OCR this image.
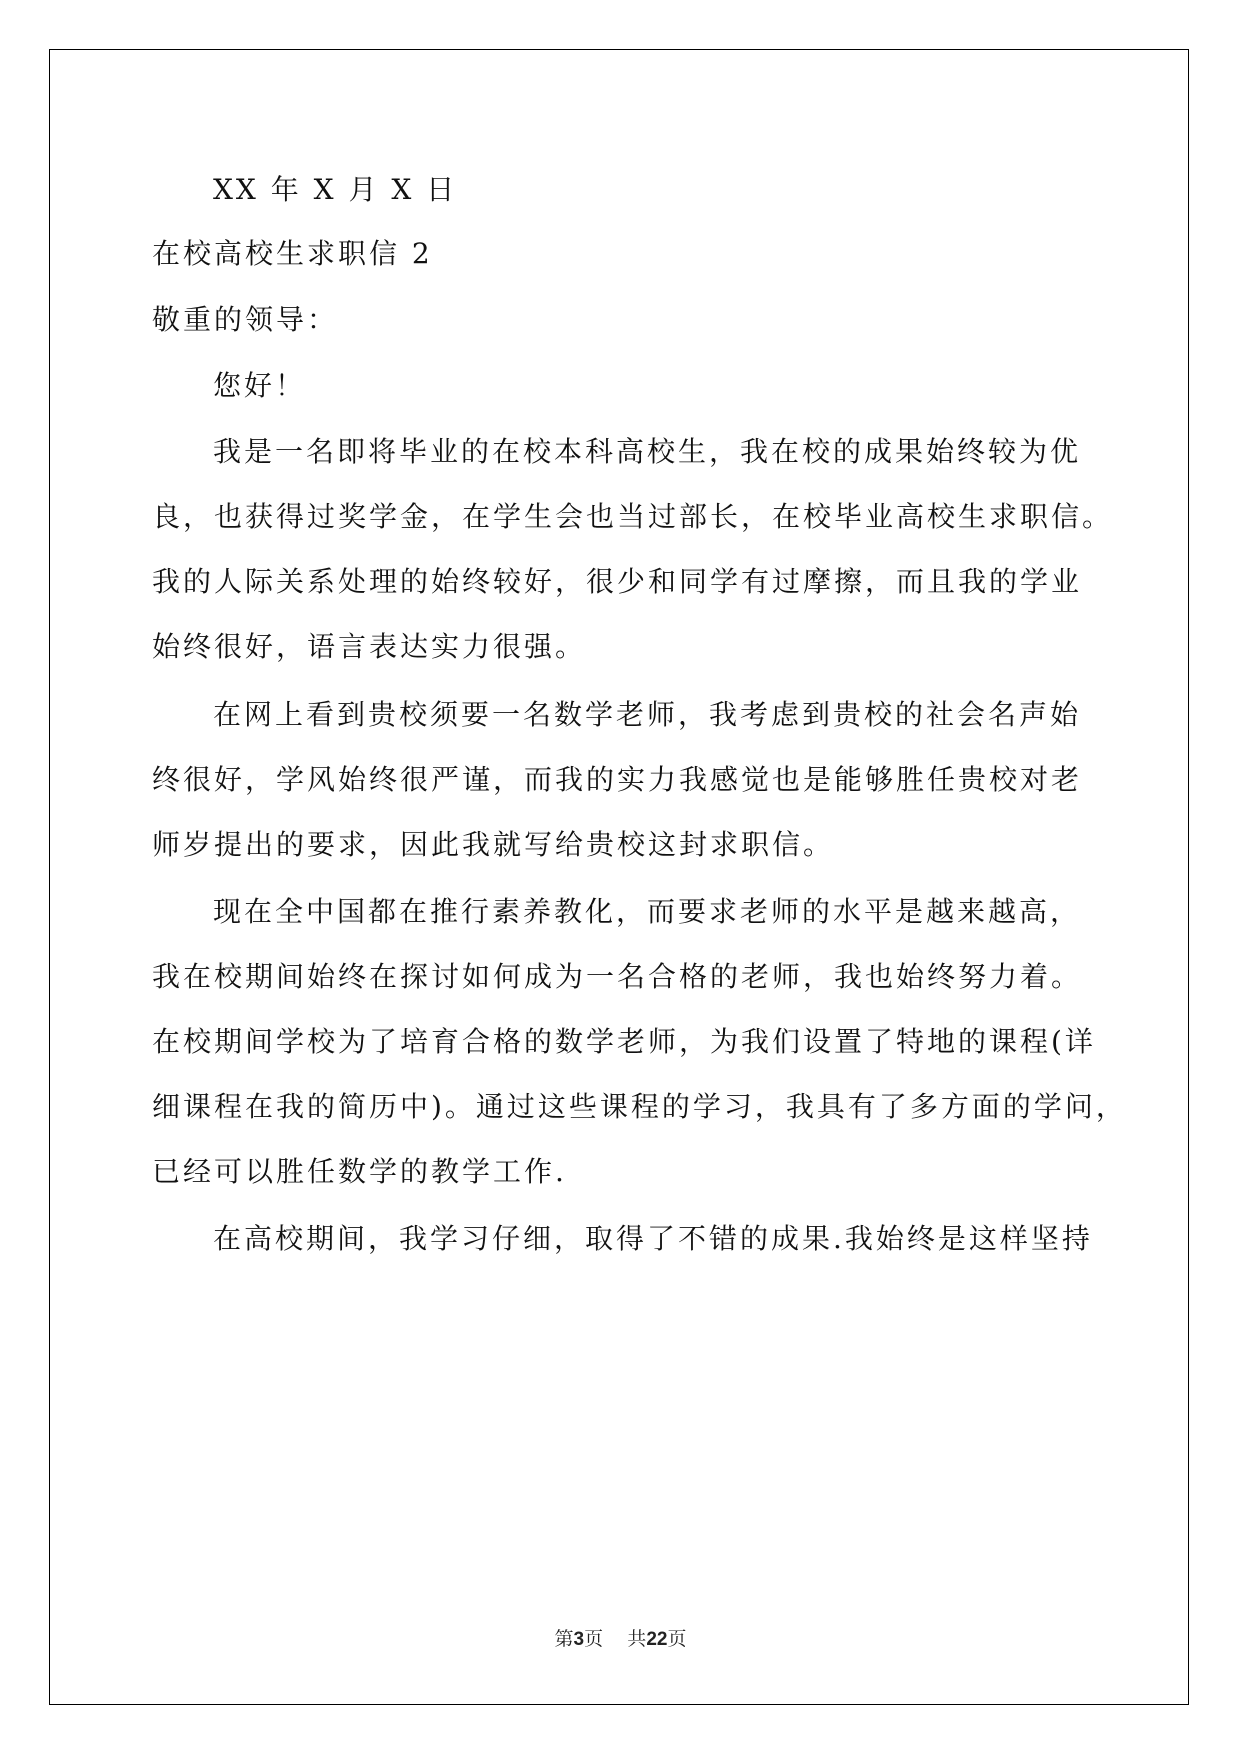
XX 年 X 月 X 日
在校高校生求职信 2
敬重的领导：
您好！
我是一名即将毕业的在校本科高校生，我在校的成果始终较为优
良，也获得过奖学金，在学生会也当过部长，在校毕业高校生求职信。
我的人际关系处理的始终较好，很少和同学有过摩擦，而且我的学业
始终很好，语言表达实力很强。
在网上看到贵校须要一名数学老师，我考虑到贵校的社会名声始
终很好，学风始终很严谨，而我的实力我感觉也是能够胜任贵校对老
师岁提出的要求，因此我就写给贵校这封求职信。
现在全中国都在推行素养教化，而要求老师的水平是越来越高，
我在校期间始终在探讨如何成为一名合格的老师，我也始终努力着。
在校期间学校为了培育合格的数学老师，为我们设置了特地的课程(详
细课程在我的简历中)。通过这些课程的学习，我具有了多方面的学问，
已经可以胜任数学的教学工作.
在高校期间，我学习仔细，取得了不错的成果.我始终是这样坚持
第3页 共22页
